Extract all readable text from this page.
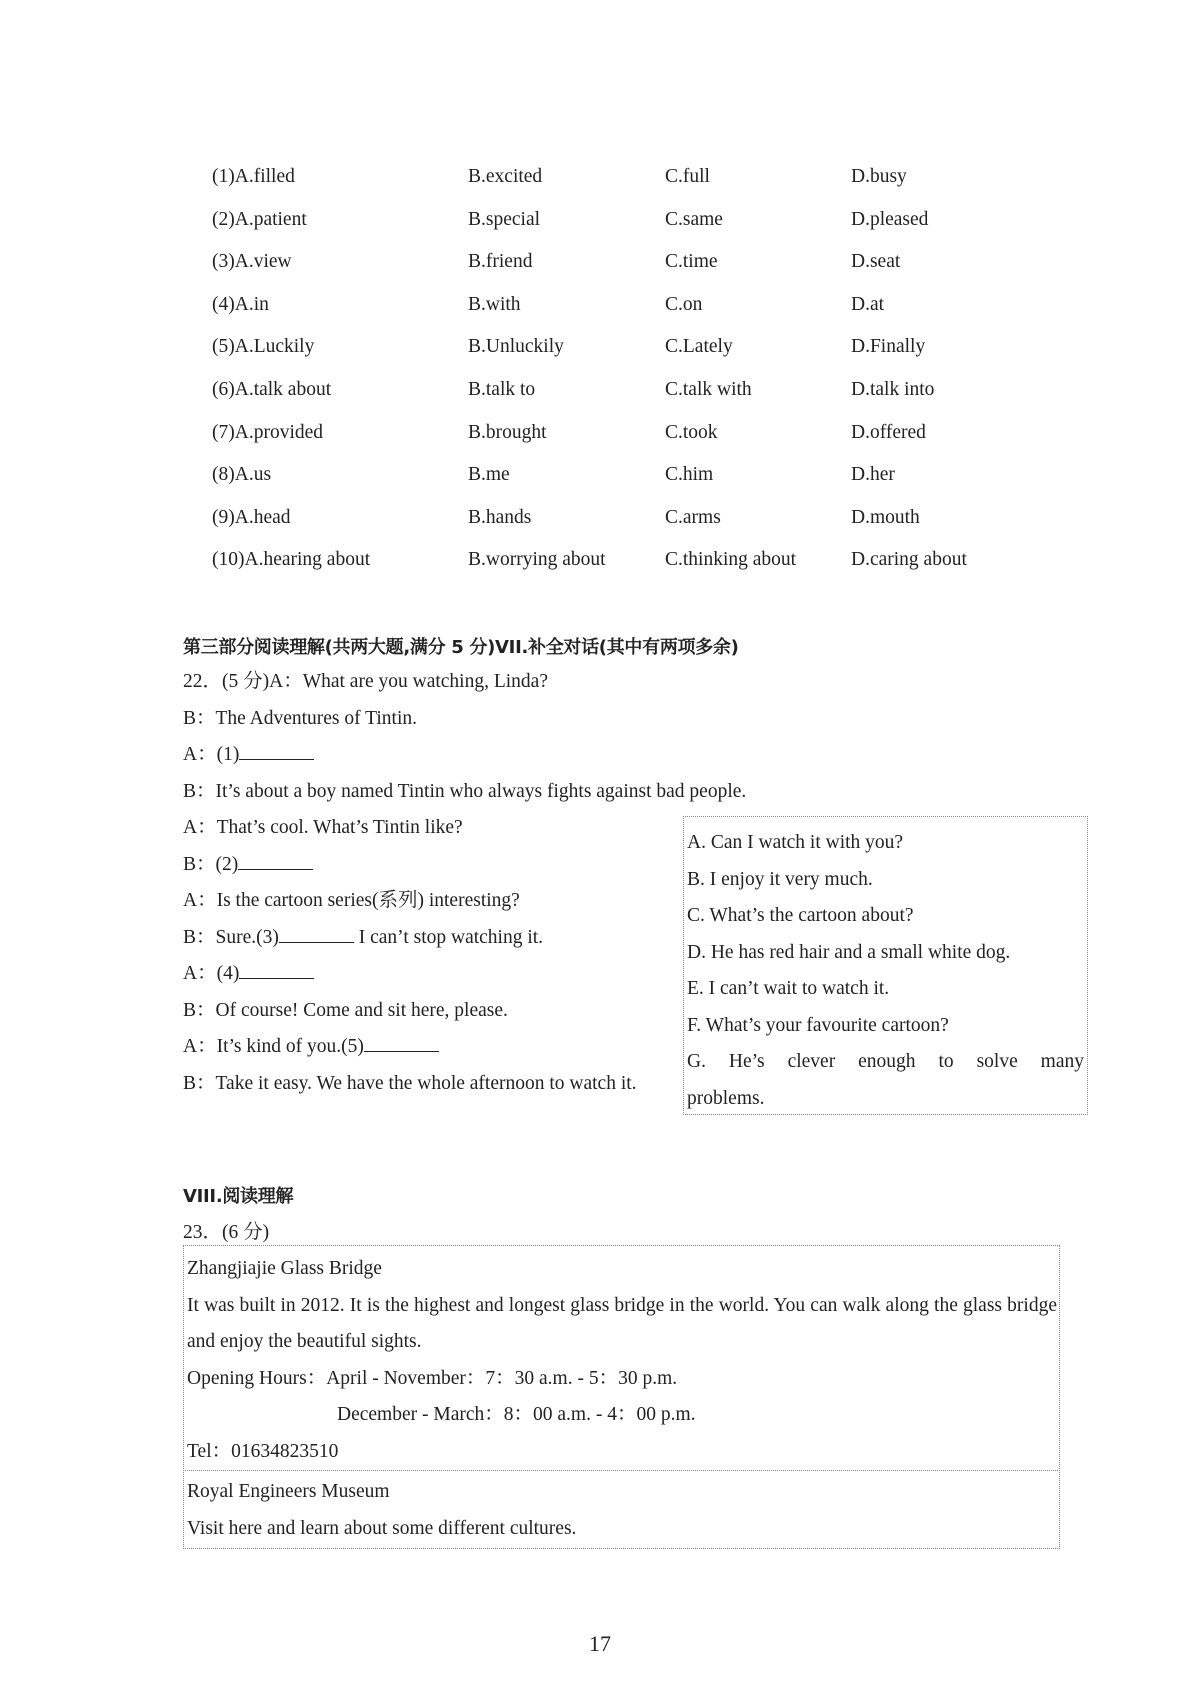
(1)A.filled	B.excited	C.full	D.busy
(2)A.patient	B.special	C.same	D.pleased
(3)A.view	B.friend	C.time	D.seat
(4)A.in	B.with	C.on	D.at
(5)A.Luckily	B.Unluckily	C.Lately	D.Finally
(6)A.talk about	B.talk to	C.talk with	D.talk into
(7)A.provided	B.brought	C.took	D.offered
(8)A.us	B.me	C.him	D.her
(9)A.head	B.hands	C.arms	D.mouth
(10)A.hearing about	B.worrying about	C.thinking about	D.caring about
第三部分阅读理解(共两大题,满分 5 分)VII.补全对话(其中有两项多余)
22．(5 分)A：What are you watching, Linda?
B：The Adventures of Tintin.
A：(1)
B：It’s about a boy named Tintin who always fights against bad people.
A：That’s cool. What’s Tintin like?
B：(2)
A：Is the cartoon series(系列) interesting?
B：Sure.(3)	I can’t stop watching it.
A：(4)
B：Of course! Come and sit here, please.
A：It’s kind of you.(5)
B：Take it easy. We have the whole afternoon to watch it.
A. Can I watch it with you?
B. I enjoy it very much.
C. What’s the cartoon about?
D. He has red hair and a small white dog.
E. I can’t wait to watch it.
F. What’s your favourite cartoon?
G. He’s clever enough to solve many
problems.
VIII.阅读理解
23．(6 分)
Zhangjiajie Glass Bridge
It was built in 2012. It is the highest and longest glass bridge in the world. You can walk along the glass bridge and enjoy the beautiful sights.
Opening Hours：April - November：7：30 a.m. - 5：30 p.m.
December - March：8：00 a.m. - 4：00 p.m.
Tel：01634823510
Royal Engineers Museum
Visit here and learn about some different cultures.
17
